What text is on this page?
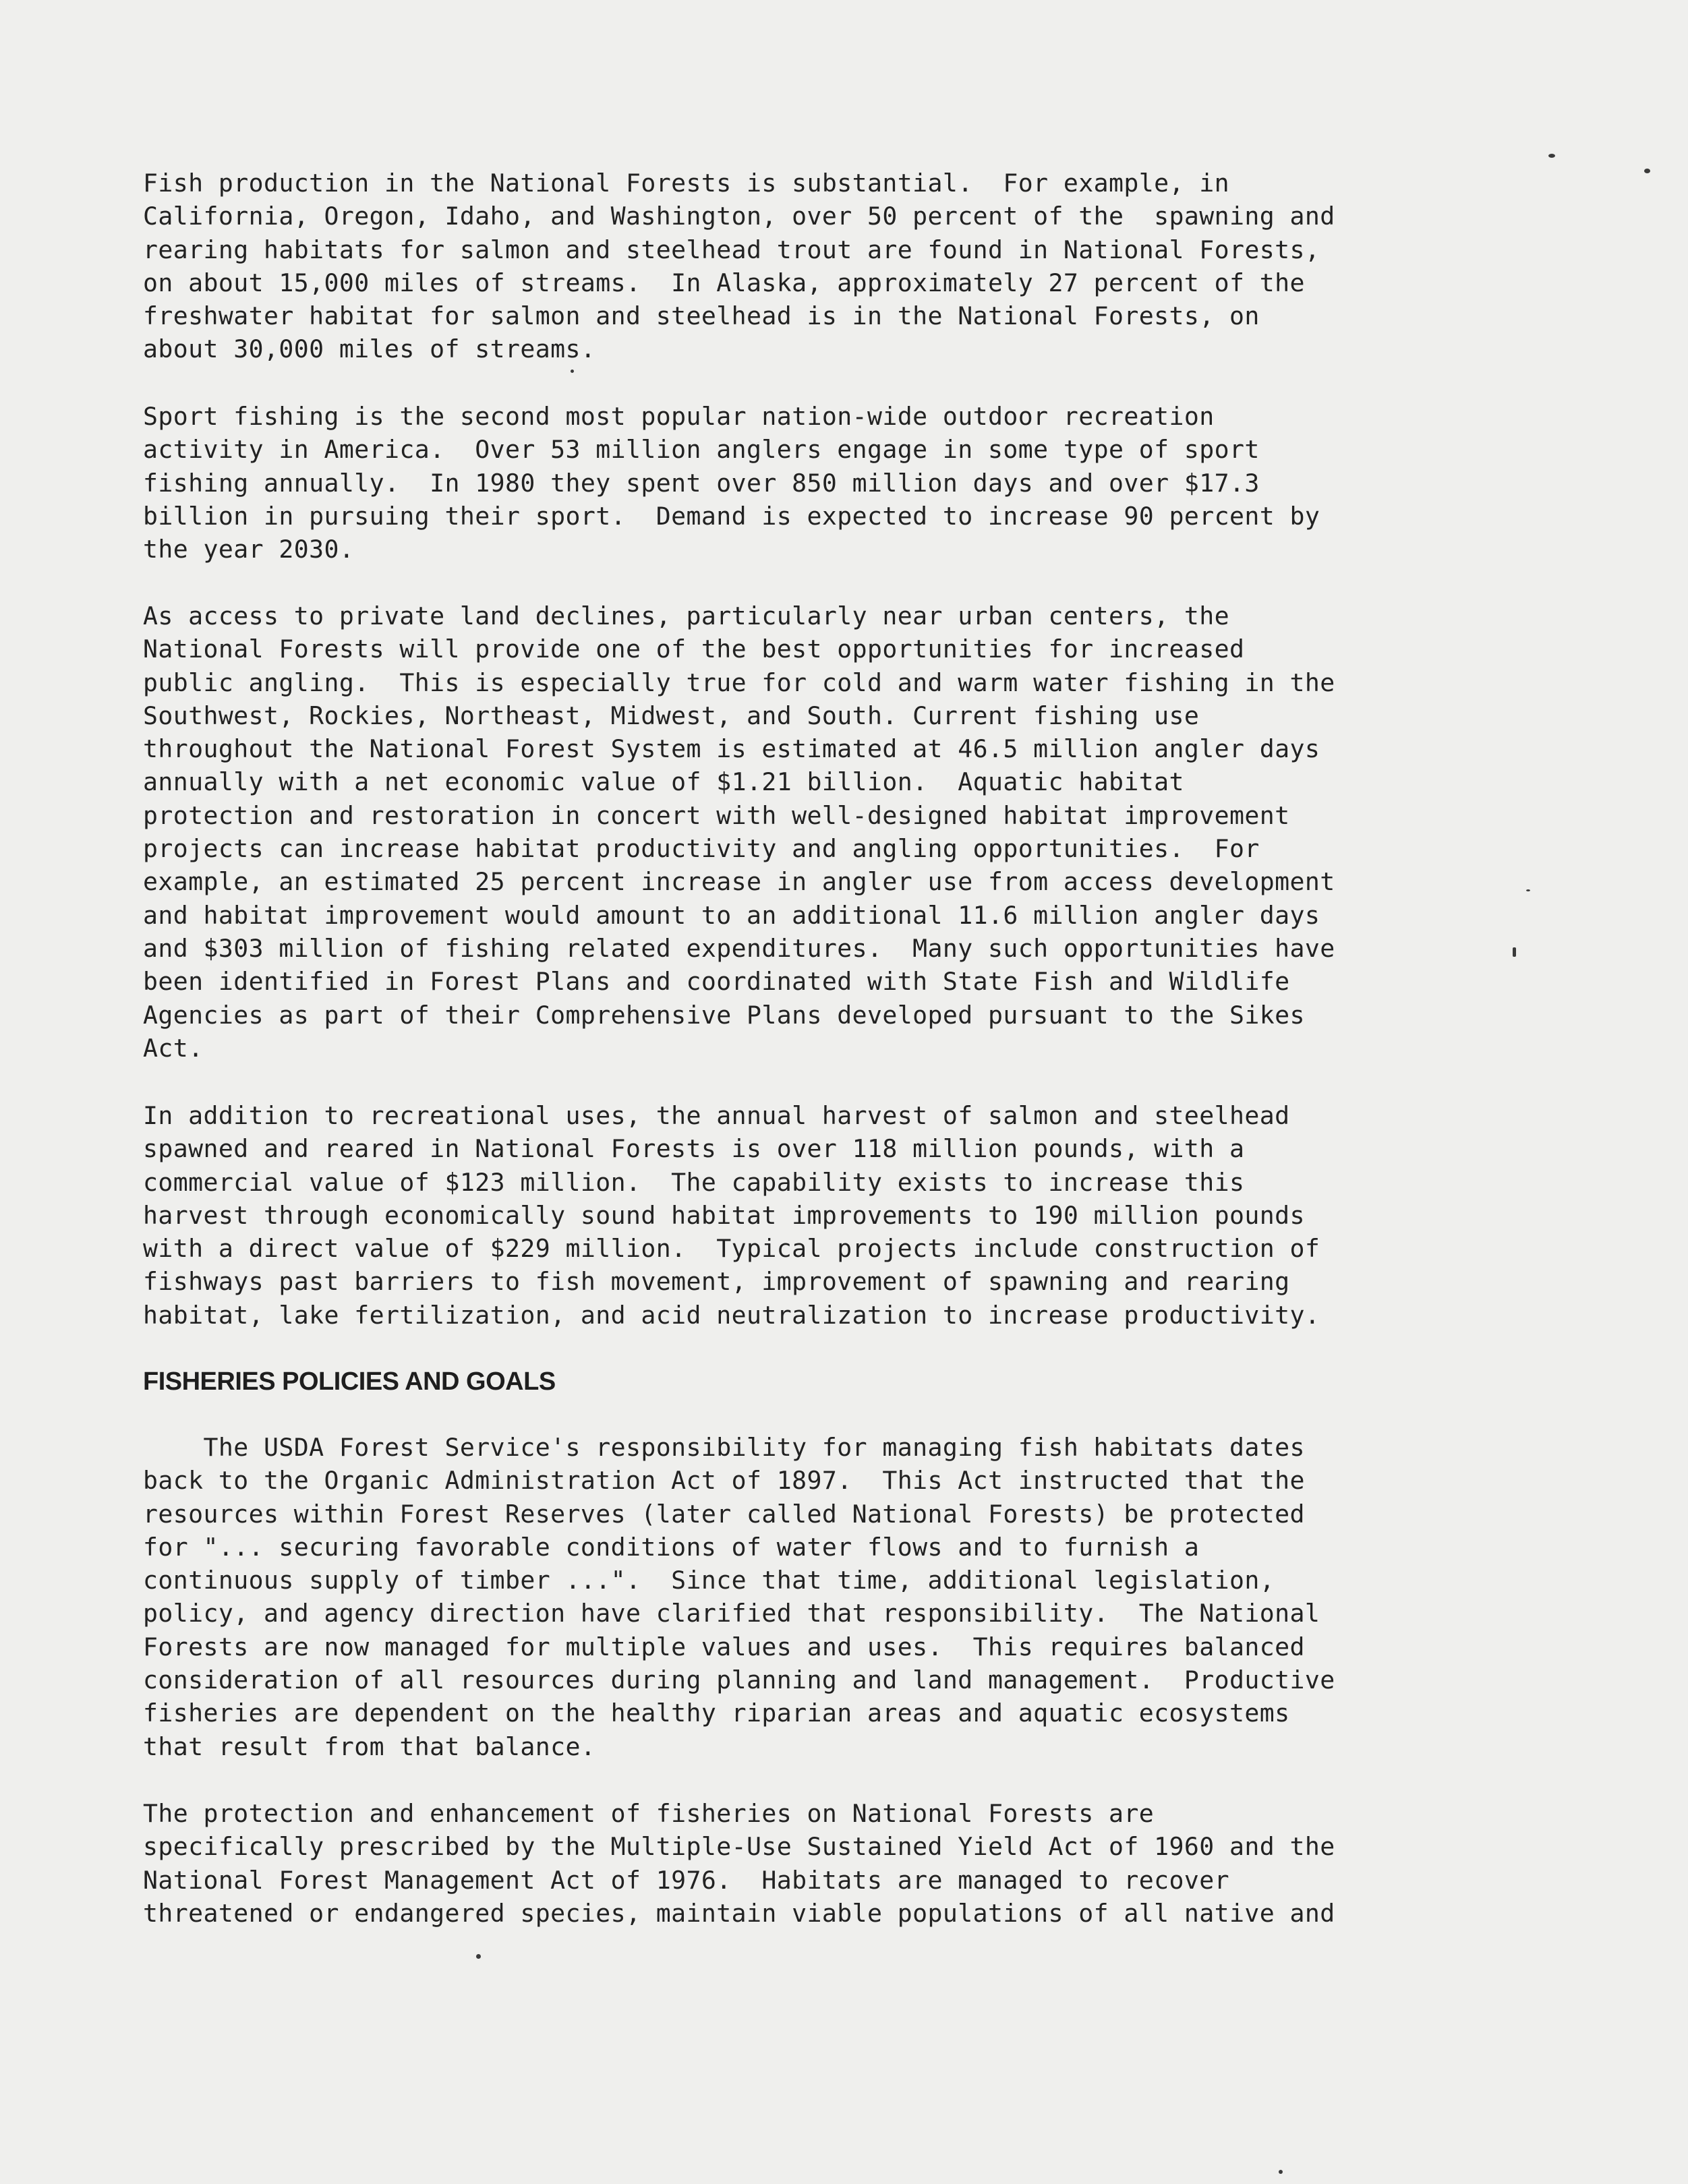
Fish production in the National Forests is substantial.  For example, in
California, Oregon, Idaho, and Washington, over 50 percent of the  spawning and
rearing habitats for salmon and steelhead trout are found in National Forests,
on about 15,000 miles of streams.  In Alaska, approximately 27 percent of the
freshwater habitat for salmon and steelhead is in the National Forests, on
about 30,000 miles of streams.
Sport fishing is the second most popular nation-wide outdoor recreation
activity in America.  Over 53 million anglers engage in some type of sport
fishing annually.  In 1980 they spent over 850 million days and over $17.3
billion in pursuing their sport.  Demand is expected to increase 90 percent by
the year 2030.
As access to private land declines, particularly near urban centers, the
National Forests will provide one of the best opportunities for increased
public angling.  This is especially true for cold and warm water fishing in the
Southwest, Rockies, Northeast, Midwest, and South. Current fishing use
throughout the National Forest System is estimated at 46.5 million angler days
annually with a net economic value of $1.21 billion.  Aquatic habitat
protection and restoration in concert with well-designed habitat improvement
projects can increase habitat productivity and angling opportunities.  For
example, an estimated 25 percent increase in angler use from access development
and habitat improvement would amount to an additional 11.6 million angler days
and $303 million of fishing related expenditures.  Many such opportunities have
been identified in Forest Plans and coordinated with State Fish and Wildlife
Agencies as part of their Comprehensive Plans developed pursuant to the Sikes
Act.
In addition to recreational uses, the annual harvest of salmon and steelhead
spawned and reared in National Forests is over 118 million pounds, with a
commercial value of $123 million.  The capability exists to increase this
harvest through economically sound habitat improvements to 190 million pounds
with a direct value of $229 million.  Typical projects include construction of
fishways past barriers to fish movement, improvement of spawning and rearing
habitat, lake fertilization, and acid neutralization to increase productivity.
FISHERIES POLICIES AND GOALS
The USDA Forest Service's responsibility for managing fish habitats dates
back to the Organic Administration Act of 1897.  This Act instructed that the
resources within Forest Reserves (later called National Forests) be protected
for "... securing favorable conditions of water flows and to furnish a
continuous supply of timber ...".  Since that time, additional legislation,
policy, and agency direction have clarified that responsibility.  The National
Forests are now managed for multiple values and uses.  This requires balanced
consideration of all resources during planning and land management.  Productive
fisheries are dependent on the healthy riparian areas and aquatic ecosystems
that result from that balance.
The protection and enhancement of fisheries on National Forests are
specifically prescribed by the Multiple-Use Sustained Yield Act of 1960 and the
National Forest Management Act of 1976.  Habitats are managed to recover
threatened or endangered species, maintain viable populations of all native and
